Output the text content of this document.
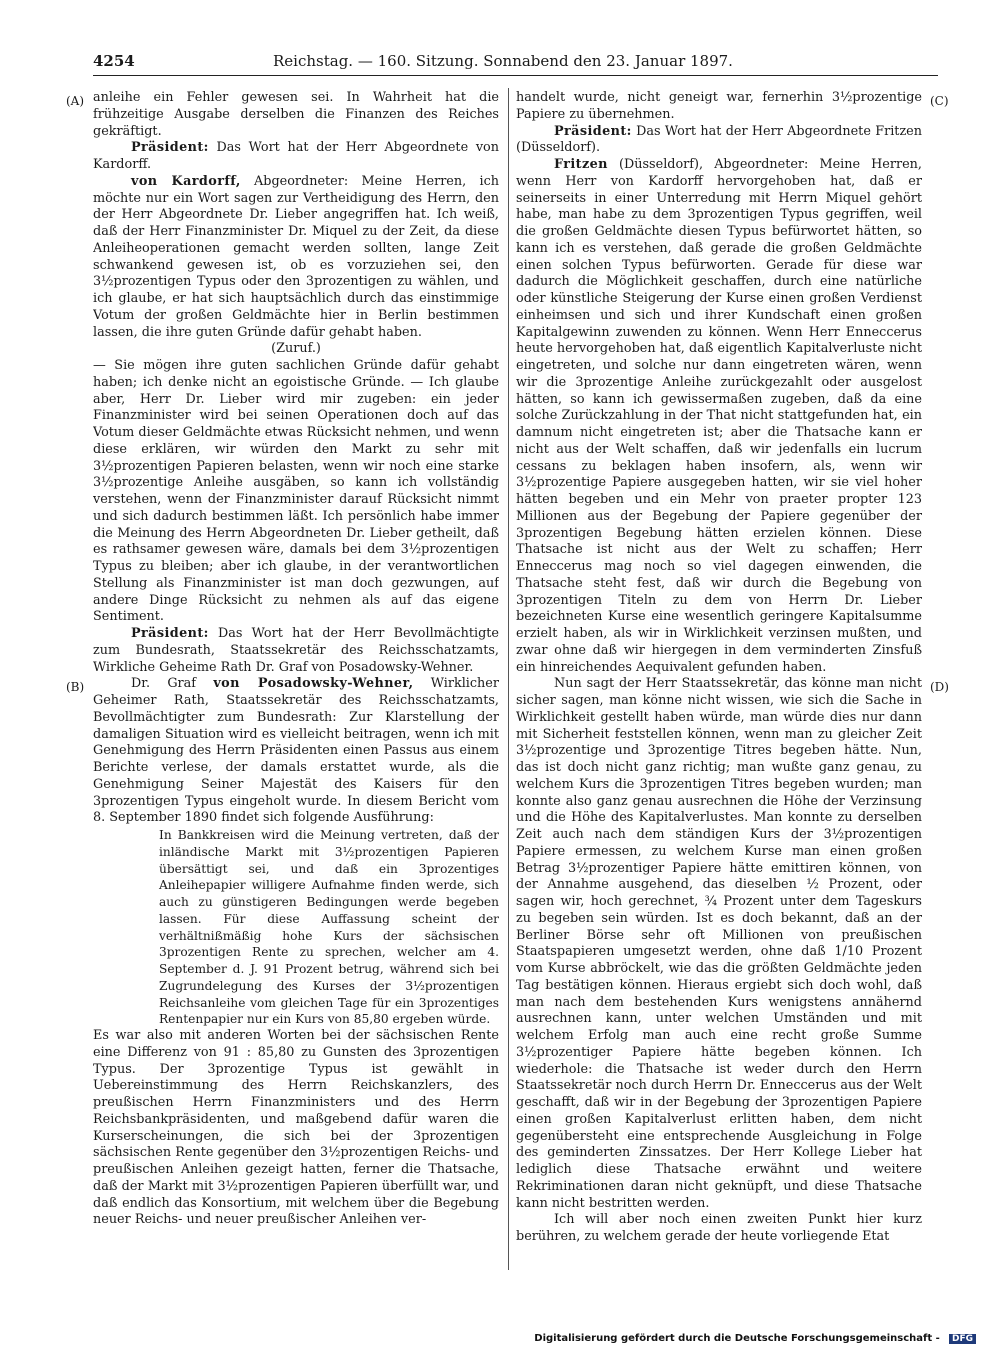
4254	Reichstag. — 160. Sitzung. Sonnabend den 23. Januar 1897.
(A)
(B)
(C)
(D)

anleihe ein Fehler gewesen sei. In Wahrheit hat die frühzeitige Ausgabe derselben die Finanzen des Reiches gekräftigt.

Präsident: Das Wort hat der Herr Abgeordnete von Kardorff.

von Kardorff, Abgeordneter: Meine Herren, ich möchte nur ein Wort sagen zur Vertheidigung des Herrn, den der Herr Abgeordnete Dr. Lieber angegriffen hat. Ich weiß, daß der Herr Finanzminister Dr. Miquel zu der Zeit, da diese Anleiheoperationen gemacht werden sollten, lange Zeit schwankend gewesen ist, ob es vorzuziehen sei, den 3½prozentigen Typus oder den 3prozentigen zu wählen, und ich glaube, er hat sich hauptsächlich durch das einstimmige Votum der großen Geldmächte hier in Berlin bestimmen lassen, die ihre guten Gründe dafür gehabt haben.

(Zuruf.)

— Sie mögen ihre guten sachlichen Gründe dafür gehabt haben; ich denke nicht an egoistische Gründe. — Ich glaube aber, Herr Dr. Lieber wird mir zugeben: ein jeder Finanzminister wird bei seinen Operationen doch auf das Votum dieser Geldmächte etwas Rücksicht nehmen, und wenn diese erklären, wir würden den Markt zu sehr mit 3½prozentigen Papieren belasten, wenn wir noch eine starke 3½prozentige Anleihe ausgäben, so kann ich vollständig verstehen, wenn der Finanzminister darauf Rücksicht nimmt und sich dadurch bestimmen läßt. Ich persönlich habe immer die Meinung des Herrn Abgeordneten Dr. Lieber getheilt, daß es rathsamer gewesen wäre, damals bei dem 3½prozentigen Typus zu bleiben; aber ich glaube, in der verantwortlichen Stellung als Finanzminister ist man doch gezwungen, auf andere Dinge Rücksicht zu nehmen als auf das eigene Sentiment.

Präsident: Das Wort hat der Herr Bevollmächtigte zum Bundesrath, Staatssekretär des Reichsschatzamts, Wirkliche Geheime Rath Dr. Graf von Posadowsky-Wehner.

Dr. Graf von Posadowsky-Wehner, Wirklicher Geheimer Rath, Staatssekretär des Reichsschatzamts, Bevollmächtigter zum Bundesrath: Zur Klarstellung der damaligen Situation wird es vielleicht beitragen, wenn ich mit Genehmigung des Herrn Präsidenten einen Passus aus einem Berichte verlese, der damals erstattet wurde, als die Genehmigung Seiner Majestät des Kaisers für den 3prozentigen Typus eingeholt wurde. In diesem Bericht vom 8. September 1890 findet sich folgende Ausführung:

In Bankkreisen wird die Meinung vertreten, daß der inländische Markt mit 3½prozentigen Papieren übersättigt sei, und daß ein 3prozentiges Anleihepapier willigere Aufnahme finden werde, sich auch zu günstigeren Bedingungen werde begeben lassen. Für diese Auffassung scheint der verhältnißmäßig hohe Kurs der sächsischen 3prozentigen Rente zu sprechen, welcher am 4. September d. J. 91 Prozent betrug, während sich bei Zugrundelegung des Kurses der 3½prozentigen Reichsanleihe vom gleichen Tage für ein 3prozentiges Rentenpapier nur ein Kurs von 85,80 ergeben würde.

Es war also mit anderen Worten bei der sächsischen Rente eine Differenz von 91 : 85,80 zu Gunsten des 3prozentigen Typus. Der 3prozentige Typus ist gewählt in Uebereinstimmung des Herrn Reichskanzlers, des preußischen Herrn Finanzministers und des Herrn Reichsbankpräsidenten, und maßgebend dafür waren die Kurserscheinungen, die sich bei der 3prozentigen sächsischen Rente gegenüber den 3½prozentigen Reichs- und preußischen Anleihen gezeigt hatten, ferner die Thatsache, daß der Markt mit 3½prozentigen Papieren überfüllt war, und daß endlich das Konsortium, mit welchem über die Begebung neuer Reichs- und neuer preußischer Anleihen ver-

handelt wurde, nicht geneigt war, fernerhin 3½prozentige Papiere zu übernehmen.

Präsident: Das Wort hat der Herr Abgeordnete Fritzen (Düsseldorf).

Fritzen (Düsseldorf), Abgeordneter: Meine Herren, wenn Herr von Kardorff hervorgehoben hat, daß er seinerseits in einer Unterredung mit Herrn Miquel gehört habe, man habe zu dem 3prozentigen Typus gegriffen, weil die großen Geldmächte diesen Typus befürwortet hätten, so kann ich es verstehen, daß gerade die großen Geldmächte einen solchen Typus befürworten. Gerade für diese war dadurch die Möglichkeit geschaffen, durch eine natürliche oder künstliche Steigerung der Kurse einen großen Verdienst einheimsen und sich und ihrer Kundschaft einen großen Kapitalgewinn zuwenden zu können. Wenn Herr Enneccerus heute hervorgehoben hat, daß eigentlich Kapitalverluste nicht eingetreten, und solche nur dann eingetreten wären, wenn wir die 3prozentige Anleihe zurückgezahlt oder ausgelost hätten, so kann ich gewissermaßen zugeben, daß da eine solche Zurückzahlung in der That nicht stattgefunden hat, ein damnum nicht eingetreten ist; aber die Thatsache kann er nicht aus der Welt schaffen, daß wir jedenfalls ein lucrum cessans zu beklagen haben insofern, als, wenn wir 3½prozentige Papiere ausgegeben hatten, wir sie viel hoher hätten begeben und ein Mehr von praeter propter 123 Millionen aus der Begebung der Papiere gegenüber der 3prozentigen Begebung hätten erzielen können. Diese Thatsache ist nicht aus der Welt zu schaffen; Herr Enneccerus mag noch so viel dagegen einwenden, die Thatsache steht fest, daß wir durch die Begebung von 3prozentigen Titeln zu dem von Herrn Dr. Lieber bezeichneten Kurse eine wesentlich geringere Kapitalsumme erzielt haben, als wir in Wirklichkeit verzinsen mußten, und zwar ohne daß wir hiergegen in dem verminderten Zinsfuß ein hinreichendes Aequivalent gefunden haben.

Nun sagt der Herr Staatssekretär, das könne man nicht sicher sagen, man könne nicht wissen, wie sich die Sache in Wirklichkeit gestellt haben würde, man würde dies nur dann mit Sicherheit feststellen können, wenn man zu gleicher Zeit 3½prozentige und 3prozentige Titres begeben hätte. Nun, das ist doch nicht ganz richtig; man wußte ganz genau, zu welchem Kurs die 3prozentigen Titres begeben wurden; man konnte also ganz genau ausrechnen die Höhe der Verzinsung und die Höhe des Kapitalverlustes. Man konnte zu derselben Zeit auch nach dem ständigen Kurs der 3½prozentigen Papiere ermessen, zu welchem Kurse man einen großen Betrag 3½prozentiger Papiere hätte emittiren können, von der Annahme ausgehend, das dieselben ½ Prozent, oder sagen wir, hoch gerechnet, ¾ Prozent unter dem Tageskurs zu begeben sein würden. Ist es doch bekannt, daß an der Berliner Börse sehr oft Millionen von preußischen Staatspapieren umgesetzt werden, ohne daß 1/10 Prozent vom Kurse abbröckelt, wie das die größten Geldmächte jeden Tag bestätigen können. Hieraus ergiebt sich doch wohl, daß man nach dem bestehenden Kurs wenigstens annähernd ausrechnen kann, unter welchen Umständen und mit welchem Erfolg man auch eine recht große Summe 3½prozentiger Papiere hätte begeben können. Ich wiederhole: die Thatsache ist weder durch den Herrn Staatssekretär noch durch Herrn Dr. Enneccerus aus der Welt geschafft, daß wir in der Begebung der 3prozentigen Papiere einen großen Kapitalverlust erlitten haben, dem nicht gegenübersteht eine entsprechende Ausgleichung in Folge des geminderten Zinssatzes. Der Herr Kollege Lieber hat lediglich diese Thatsache erwähnt und weitere Rekriminationen daran nicht geknüpft, und diese Thatsache kann nicht bestritten werden.

Ich will aber noch einen zweiten Punkt hier kurz berühren, zu welchem gerade der heute vorliegende Etat

Digitalisierung gefördert durch die Deutsche Forschungsgemeinschaft - DFG
